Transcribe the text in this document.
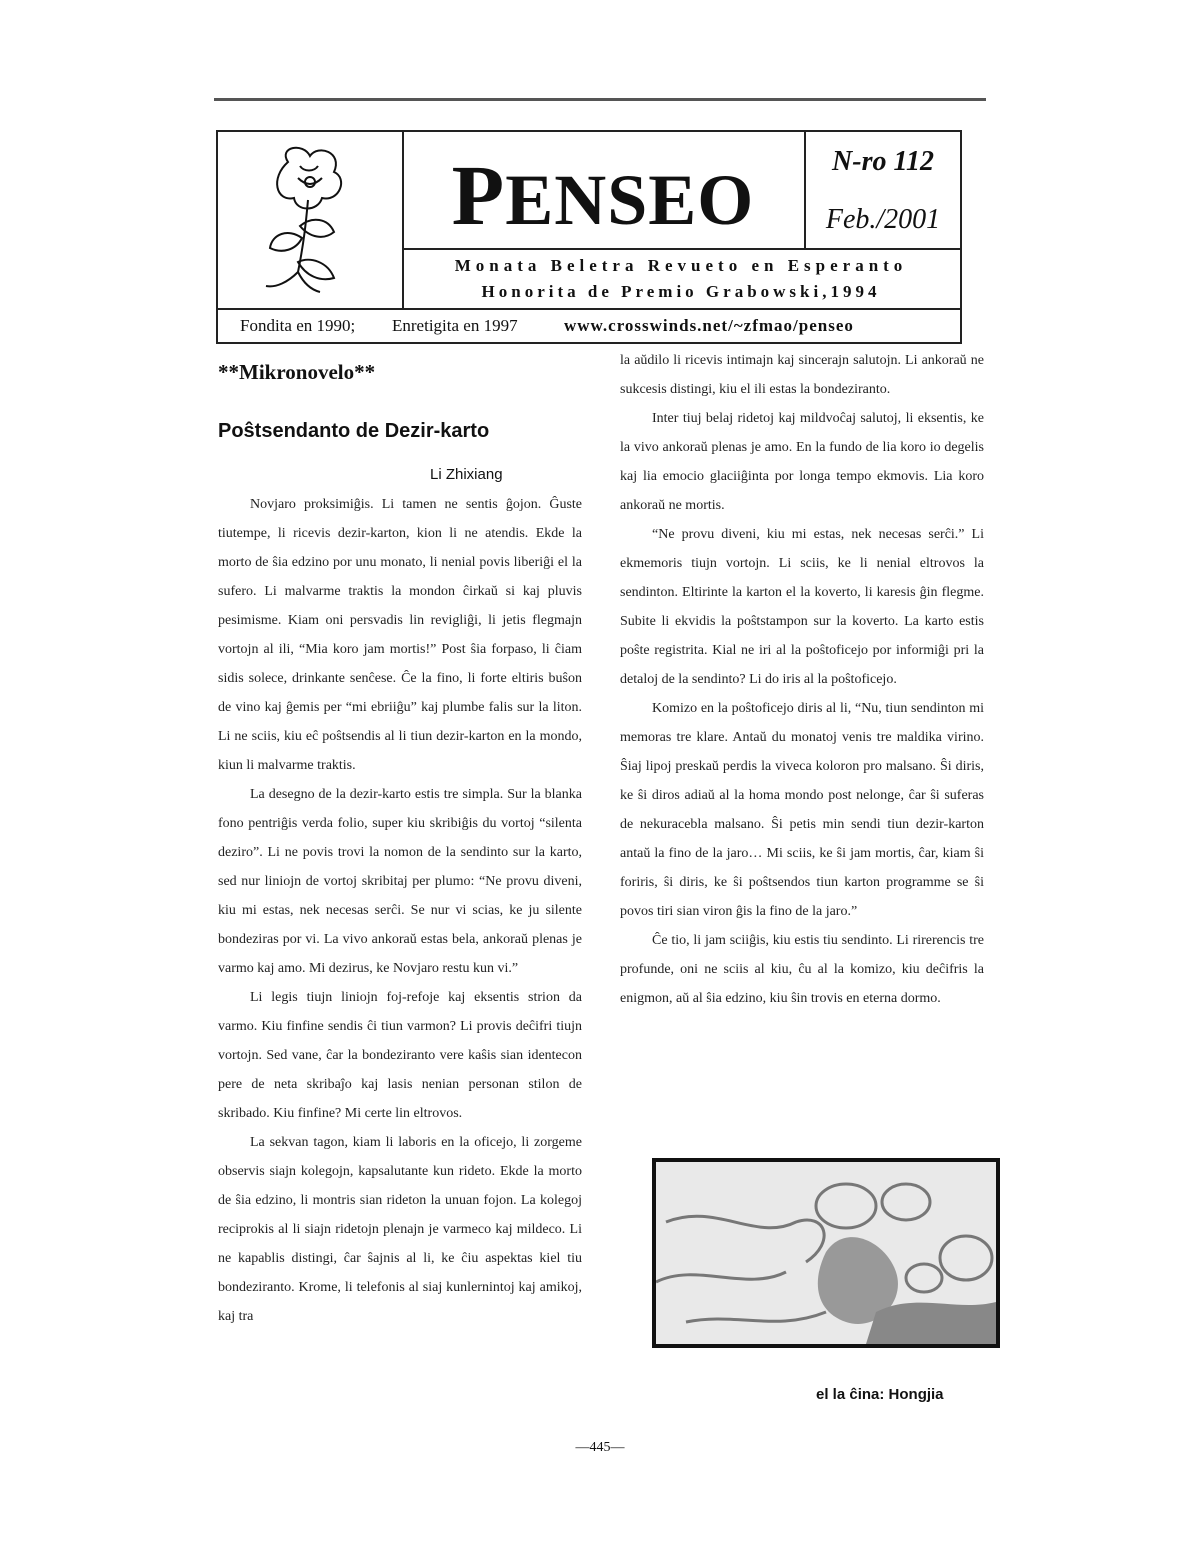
PENSEO	N-ro 112
Feb./2001
Monata Beletra Revueto en Esperanto
Honorita de Premio Grabowski,1994
Fondita en 1990; Enretigita en 1997	www.crosswinds.net/~zfmao/penseo
**Mikronovelo**
Poŝtsendanto de Dezir-karto
Li Zhixiang

Novjaro proksimiĝis. Li tamen ne sentis ĝojon. Ĝuste tiutempe, li ricevis dezir-karton, kion li ne atendis. Ekde la morto de ŝia edzino por unu monato, li nenial povis liberiĝi el la sufero. Li malvarme traktis la mondon ĉirkaŭ si kaj pluvis pesimisme. Kiam oni persvadis lin revigliĝi, li jetis flegmajn vortojn al ili, “Mia koro jam mortis!” Post ŝia forpaso, li ĉiam sidis solece, drinkante senĉese. Ĉe la fino, li forte eltiris buŝon de vino kaj ĝemis per “mi ebriiĝu” kaj plumbe falis sur la liton. Li ne sciis, kiu eĉ poŝtsendis al li tiun dezir-karton en la mondo, kiun li malvarme traktis.

La desegno de la dezir-karto estis tre simpla. Sur la blanka fono pentriĝis verda folio, super kiu skribiĝis du vortoj “silenta deziro”. Li ne povis trovi la nomon de la sendinto sur la karto, sed nur liniojn de vortoj skribitaj per plumo: “Ne provu diveni, kiu mi estas, nek necesas serĉi. Se nur vi scias, ke ju silente bondeziras por vi. La vivo ankoraŭ estas bela, ankoraŭ plenas je varmo kaj amo. Mi dezirus, ke Novjaro restu kun vi.”

Li legis tiujn liniojn foj-refoje kaj eksentis strion da varmo. Kiu finfine sendis ĉi tiun varmon? Li provis deĉifri tiujn vortojn. Sed vane, ĉar la bondeziranto vere kaŝis sian identecon pere de neta skribaĵo kaj lasis nenian personan stilon de skribado. Kiu finfine? Mi certe lin eltrovos.

La sekvan tagon, kiam li laboris en la oficejo, li zorgeme observis siajn kolegojn, kapsalutante kun rideto. Ekde la morto de ŝia edzino, li montris sian rideton la unuan fojon. La kolegoj reciprokis al li siajn ridetojn plenajn je varmeco kaj mildeco. Li ne kapablis distingi, ĉar ŝajnis al li, ke ĉiu aspektas kiel tiu bondeziranto. Krome, li telefonis al siaj kunlernintoj kaj amikoj, kaj tra

la aŭdilo li ricevis intimajn kaj sincerajn salutojn. Li ankoraŭ ne sukcesis distingi, kiu el ili estas la bondeziranto.

Inter tiuj belaj ridetoj kaj mildvoĉaj salutoj, li eksentis, ke la vivo ankoraŭ plenas je amo. En la fundo de lia koro io degelis kaj lia emocio glaciiĝinta por longa tempo ekmovis. Lia koro ankoraŭ ne mortis.

“Ne provu diveni, kiu mi estas, nek necesas serĉi.” Li ekmemoris tiujn vortojn. Li sciis, ke li nenial eltrovos la sendinton. Eltirinte la karton el la koverto, li karesis ĝin flegme. Subite li ekvidis la poŝtstampon sur la koverto. La karto estis poŝte registrita. Kial ne iri al la poŝtoficejo por informiĝi pri la detaloj de la sendinto? Li do iris al la poŝtoficejo.

Komizo en la poŝtoficejo diris al li, “Nu, tiun sendinton mi memoras tre klare. Antaŭ du monatoj venis tre maldika virino. Ŝiaj lipoj preskaŭ perdis la viveca koloron pro malsano. Ŝi diris, ke ŝi diros adiaŭ al la homa mondo post nelonge, ĉar ŝi suferas de nekuracebla malsano. Ŝi petis min sendi tiun dezir-karton antaŭ la fino de la jaro… Mi sciis, ke ŝi jam mortis, ĉar, kiam ŝi foriris, ŝi diris, ke ŝi poŝtsendos tiun karton programme se ŝi povos tiri sian viron ĝis la fino de la jaro.”

Ĉe tio, li jam sciiĝis, kiu estis tiu sendinto. Li rirerencis tre profunde, oni ne sciis al kiu, ĉu al la komizo, kiu deĉifris la enigmon, aŭ al ŝia edzino, kiu ŝin trovis en eterna dormo.

el la ĉina: Hongjia
—445—
